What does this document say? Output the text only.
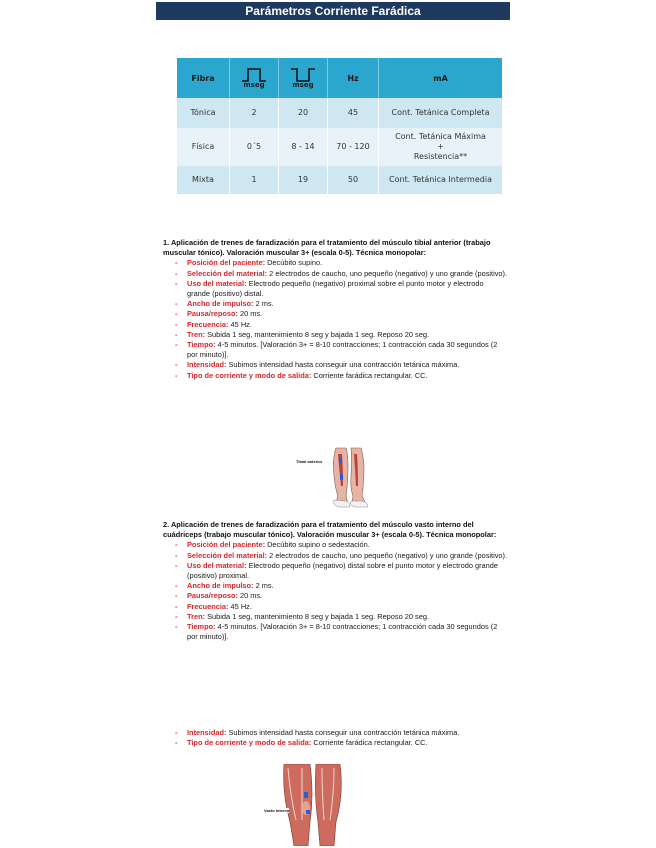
Parámetros Corriente Farádica
Fibra	mseg	mseg	Hz	mA
Tónica	2	20	45	Cont. Tetánica Completa
Física	0´5	8 - 14	70 - 120	Cont. Tetánica Máxima
+
Resistencia**

Mixta	1	19	50	Cont. Tetánica Intermedia
1. Aplicación de trenes de faradización para el tratamiento del músculo tibial anterior (trabajo muscular tónico). Valoración muscular 3+ (escala 0-5). Técnica monopolar:
- Posición del paciente: Decúbito supino.
- Selección del material: 2 electrodos de caucho, uno pequeño (negativo) y uno grande (positivo).
- Uso del material: Electrodo pequeño (negativo) proximal sobre el punto motor y electrodo grande (positivo) distal.
- Ancho de impulso: 2 ms.
- Pausa/reposo: 20 ms.
- Frecuencia: 45 Hz.
- Tren: Subida 1 seg, mantenimiento 8 seg y bajada 1 seg. Reposo 20 seg.
- Tiempo: 4-5 minutos. [Valoración 3+ = 8-10 contracciones; 1 contracción cada 30 segundos (2 por minuto)].
- Intensidad: Subimos intensidad hasta conseguir una contracción tetánica máxima.
- Tipo de corriente y modo de salida: Corriente farádica rectangular. CC.
Tibial anterior
2. Aplicación de trenes de faradización para el tratamiento del músculo vasto interno del cuádriceps (trabajo muscular tónico). Valoración muscular 3+ (escala 0-5). Técnica monopolar:
- Posición del paciente: Decúbito supino o sedestación.
- Selección del material: 2 electrodos de caucho, uno pequeño (negativo) y uno grande (positivo).
- Uso del material: Electrodo pequeño (negativo) distal sobre el punto motor y electrodo grande (positivo) proximal.
- Ancho de impulso: 2 ms.
- Pausa/reposo: 20 ms.
- Frecuencia: 45 Hz.
- Tren: Subida 1 seg, mantenimiento 8 seg y bajada 1 seg. Reposo 20 seg.
- Tiempo: 4-5 minutos. [Valoración 3+ = 8-10 contracciones; 1 contracción cada 30 segundos (2 por minuto)].
- Intensidad: Subimos intensidad hasta conseguir una contracción tetánica máxima.
- Tipo de corriente y modo de salida: Corriente farádica rectangular. CC.
Vasto Interno
